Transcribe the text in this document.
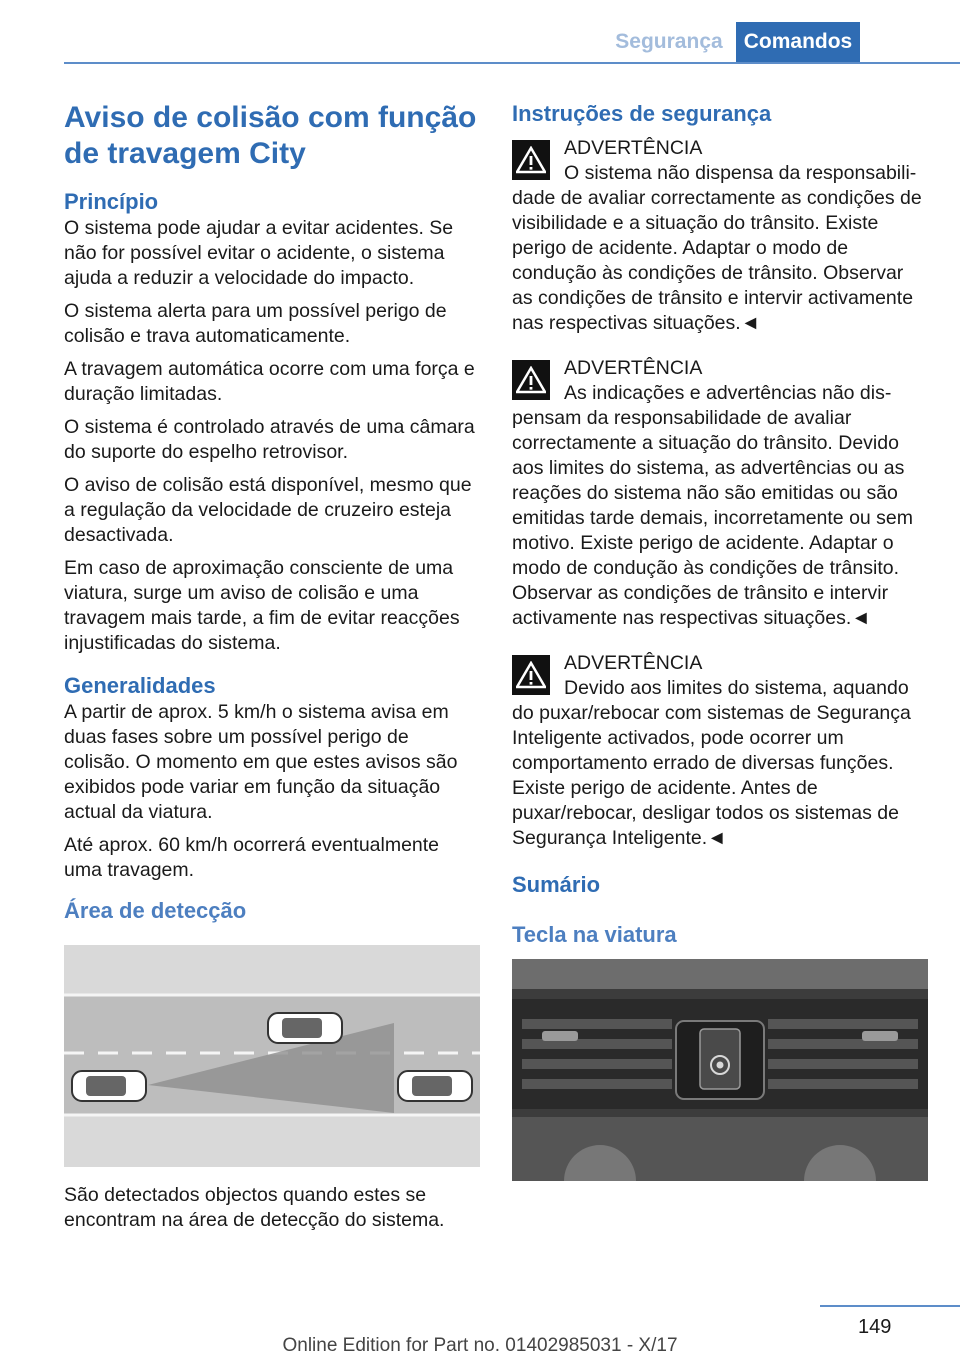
Segurança	Comandos
Aviso de colisão com função de travagem City
Princípio

O sistema pode ajudar a evitar acidentes. Se não for possível evitar o acidente, o sistema ajuda a reduzir a velocidade do impacto.

O sistema alerta para um possível perigo de colisão e trava automaticamente.

A travagem automática ocorre com uma força e duração limitadas.

O sistema é controlado através de uma câmara do suporte do espelho retrovisor.

O aviso de colisão está disponível, mesmo que a regulação da velocidade de cruzeiro esteja desactivada.

Em caso de aproximação consciente de uma viatura, surge um aviso de colisão e uma travagem mais tarde, a fim de evitar reacções injustificadas do sistema.

Generalidades

A partir de aprox. 5 km/h o sistema avisa em duas fases sobre um possível perigo de colisão. O momento em que estes avisos são exibidos pode variar em função da situação actual da viatura.

Até aprox. 60 km/h ocorrerá eventualmente uma travagem.

Área de detecção

São detectados objectos quando estes se encontram na área de detecção do sistema.

Instruções de segurança
ADVERTÊNCIA
O sistema não dispensa da responsabili-

dade de avaliar correctamente as condições de visibilidade e a situação do trânsito. Existe perigo de acidente. Adaptar o modo de condução às condições de trânsito. Observar as condições de trânsito e intervir activamente nas respectivas situações.◄

ADVERTÊNCIA
As indicações e advertências não dis-

pensam da responsabilidade de avaliar correctamente a situação do trânsito. Devido aos limites do sistema, as advertências ou as reações do sistema não são emitidas ou são emitidas tarde demais, incorretamente ou sem motivo. Existe perigo de acidente. Adaptar o modo de condução às condições de trânsito. Observar as condições de trânsito e intervir activamente nas respectivas situações.◄

ADVERTÊNCIA
Devido aos limites do sistema, aquando

do puxar/rebocar com sistemas de Segurança Inteligente activados, pode ocorrer um comportamento errado de diversas funções. Existe perigo de acidente. Antes de puxar/rebocar, desligar todos os sistemas de Segurança Inteligente.◄

Sumário
Tecla na viatura
149
Online Edition for Part no. 01402985031 - X/17
